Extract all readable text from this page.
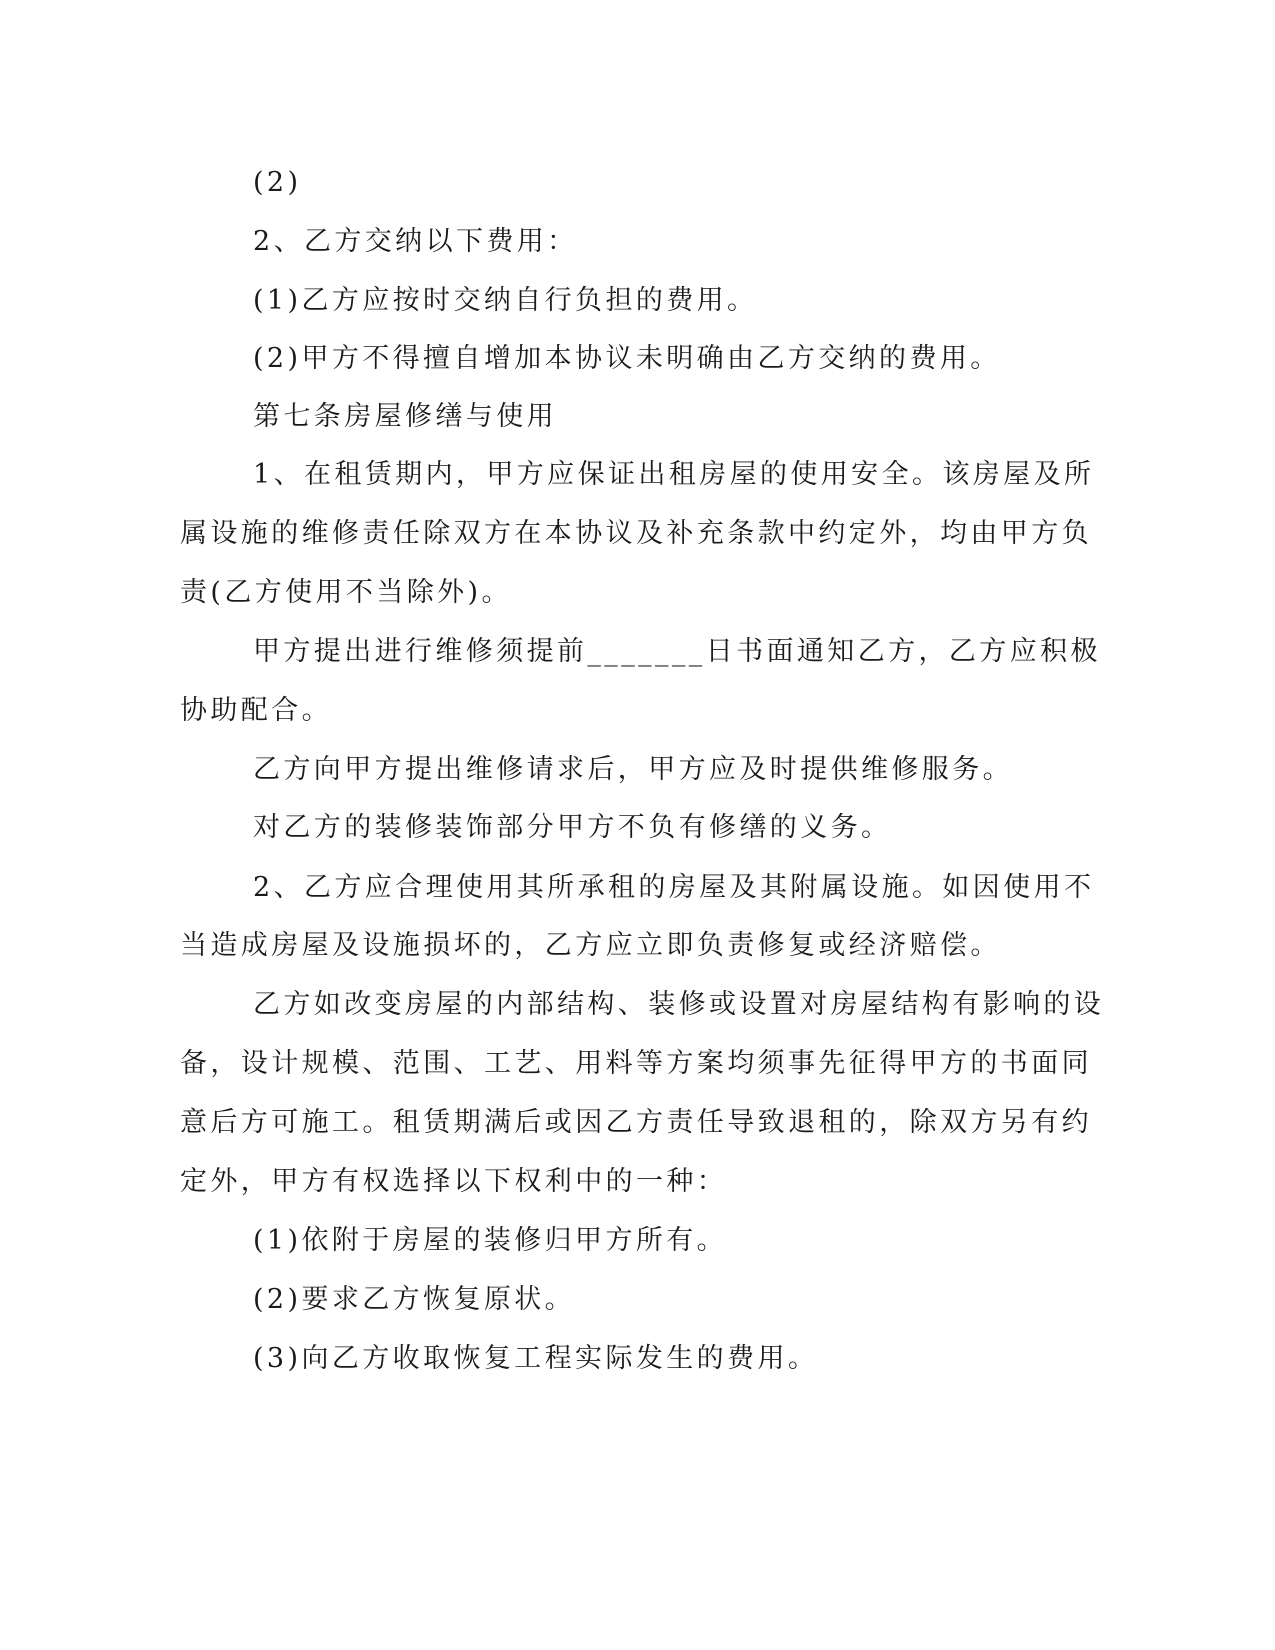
(2)
2、乙方交纳以下费用：
(1)乙方应按时交纳自行负担的费用。
(2)甲方不得擅自增加本协议未明确由乙方交纳的费用。
第七条房屋修缮与使用
1、在租赁期内，甲方应保证出租房屋的使用安全。该房屋及所
属设施的维修责任除双方在本协议及补充条款中约定外，均由甲方负
责(乙方使用不当除外)。
甲方提出进行维修须提前_______日书面通知乙方，乙方应积极
协助配合。
乙方向甲方提出维修请求后，甲方应及时提供维修服务。
对乙方的装修装饰部分甲方不负有修缮的义务。
2、乙方应合理使用其所承租的房屋及其附属设施。如因使用不
当造成房屋及设施损坏的，乙方应立即负责修复或经济赔偿。
乙方如改变房屋的内部结构、装修或设置对房屋结构有影响的设
备，设计规模、范围、工艺、用料等方案均须事先征得甲方的书面同
意后方可施工。租赁期满后或因乙方责任导致退租的，除双方另有约
定外，甲方有权选择以下权利中的一种：
(1)依附于房屋的装修归甲方所有。
(2)要求乙方恢复原状。
(3)向乙方收取恢复工程实际发生的费用。
